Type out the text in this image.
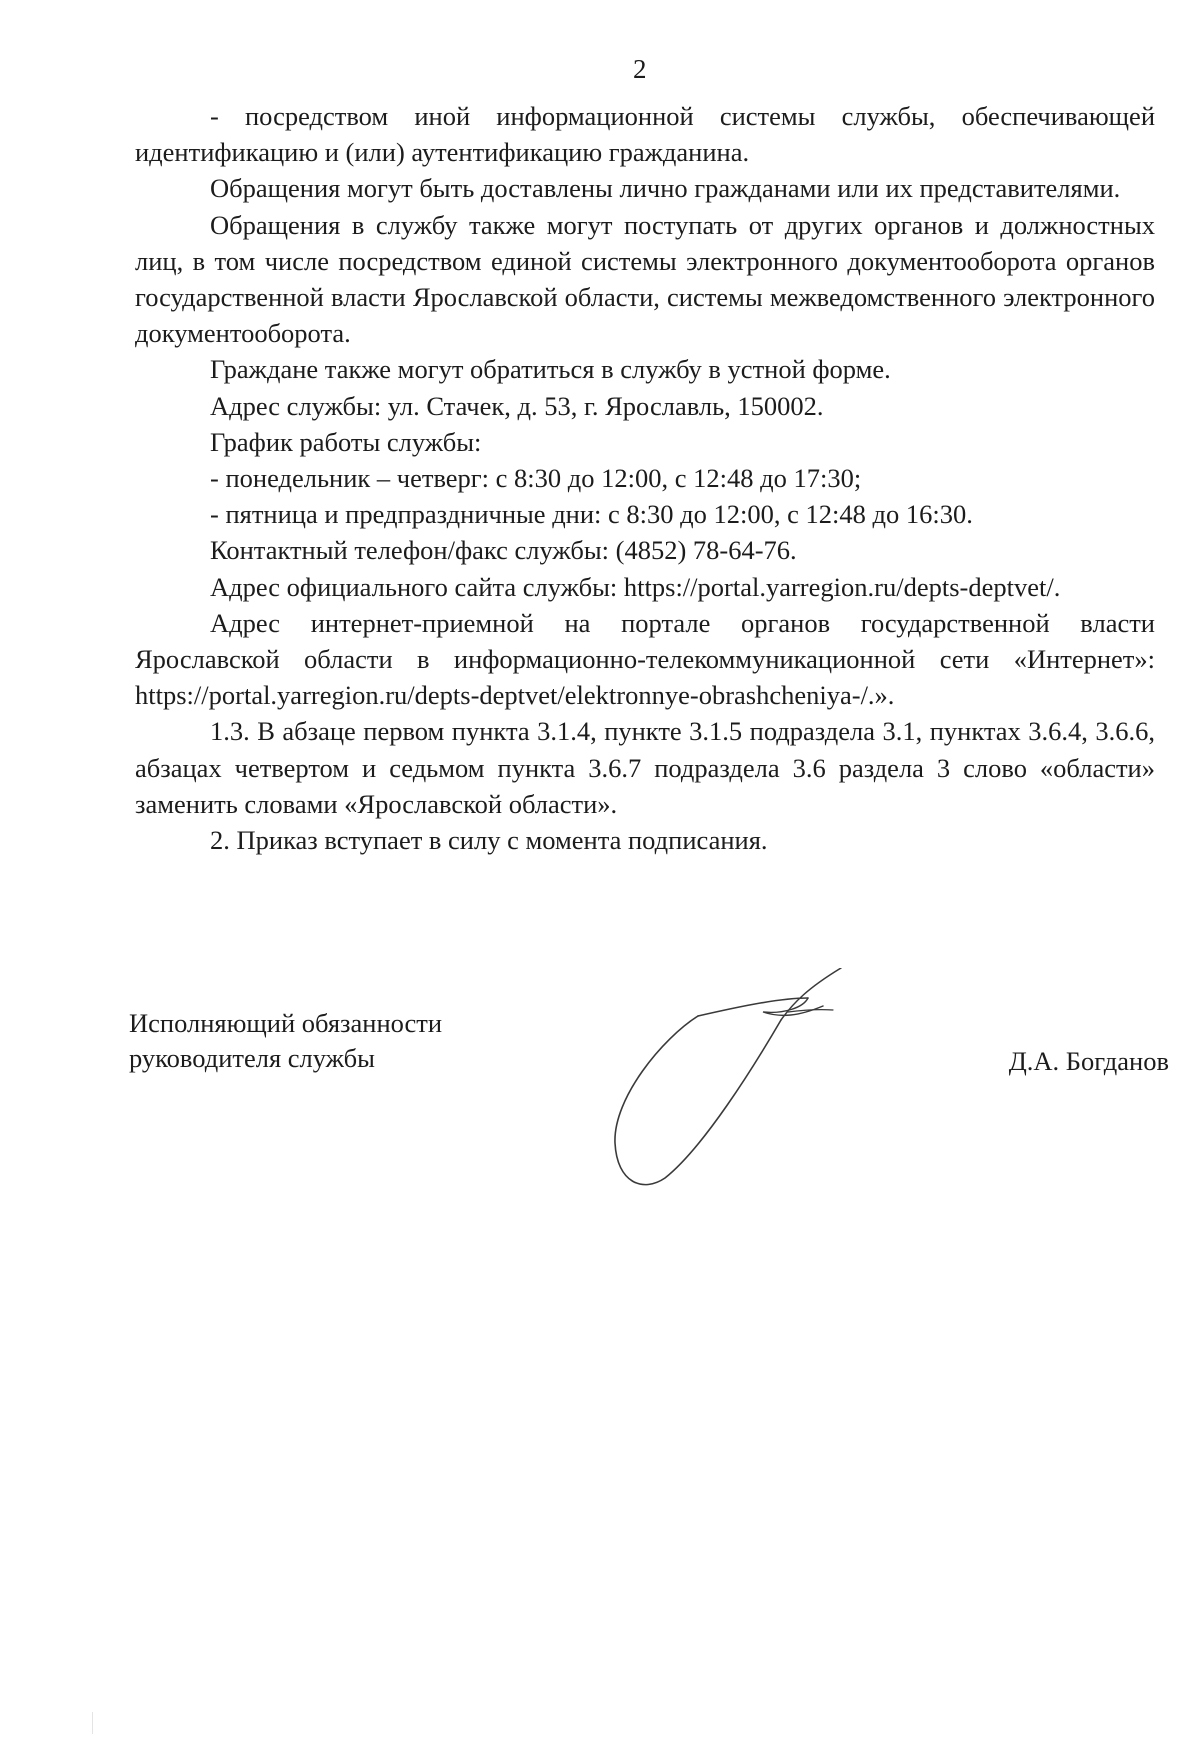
2

- посредством иной информационной системы службы, обеспечивающей идентификацию и (или) аутентификацию гражданина.

Обращения могут быть доставлены лично гражданами или их представителями.

Обращения в службу также могут поступать от других органов и должностных лиц, в том числе посредством единой системы электронного документооборота органов государственной власти Ярославской области, системы межведомственного электронного документооборота.

Граждане также могут обратиться в службу в устной форме.

Адрес службы: ул. Стачек, д. 53, г. Ярославль, 150002.

График работы службы:

- понедельник – четверг: с 8:30 до 12:00, с 12:48 до 17:30;

- пятница и предпраздничные дни: с 8:30 до 12:00, с 12:48 до 16:30.

Контактный телефон/факс службы: (4852) 78-64-76.

Адрес официального сайта службы: https://portal.yarregion.ru/depts-deptvet/.

Адрес интернет-приемной на портале органов государственной власти Ярославской области в информационно-телекоммуникационной сети «Интернет»: https://portal.yarregion.ru/depts-deptvet/elektronnye-obrashcheniya-/.».

1.3. В абзаце первом пункта 3.1.4, пункте 3.1.5 подраздела 3.1, пунктах 3.6.4, 3.6.6, абзацах четвертом и седьмом пункта 3.6.7 подраздела 3.6 раздела 3 слово «области» заменить словами «Ярославской области».

2. Приказ вступает в силу с момента подписания.

Исполняющий обязанности
руководителя службы	Д.А. Богданов
